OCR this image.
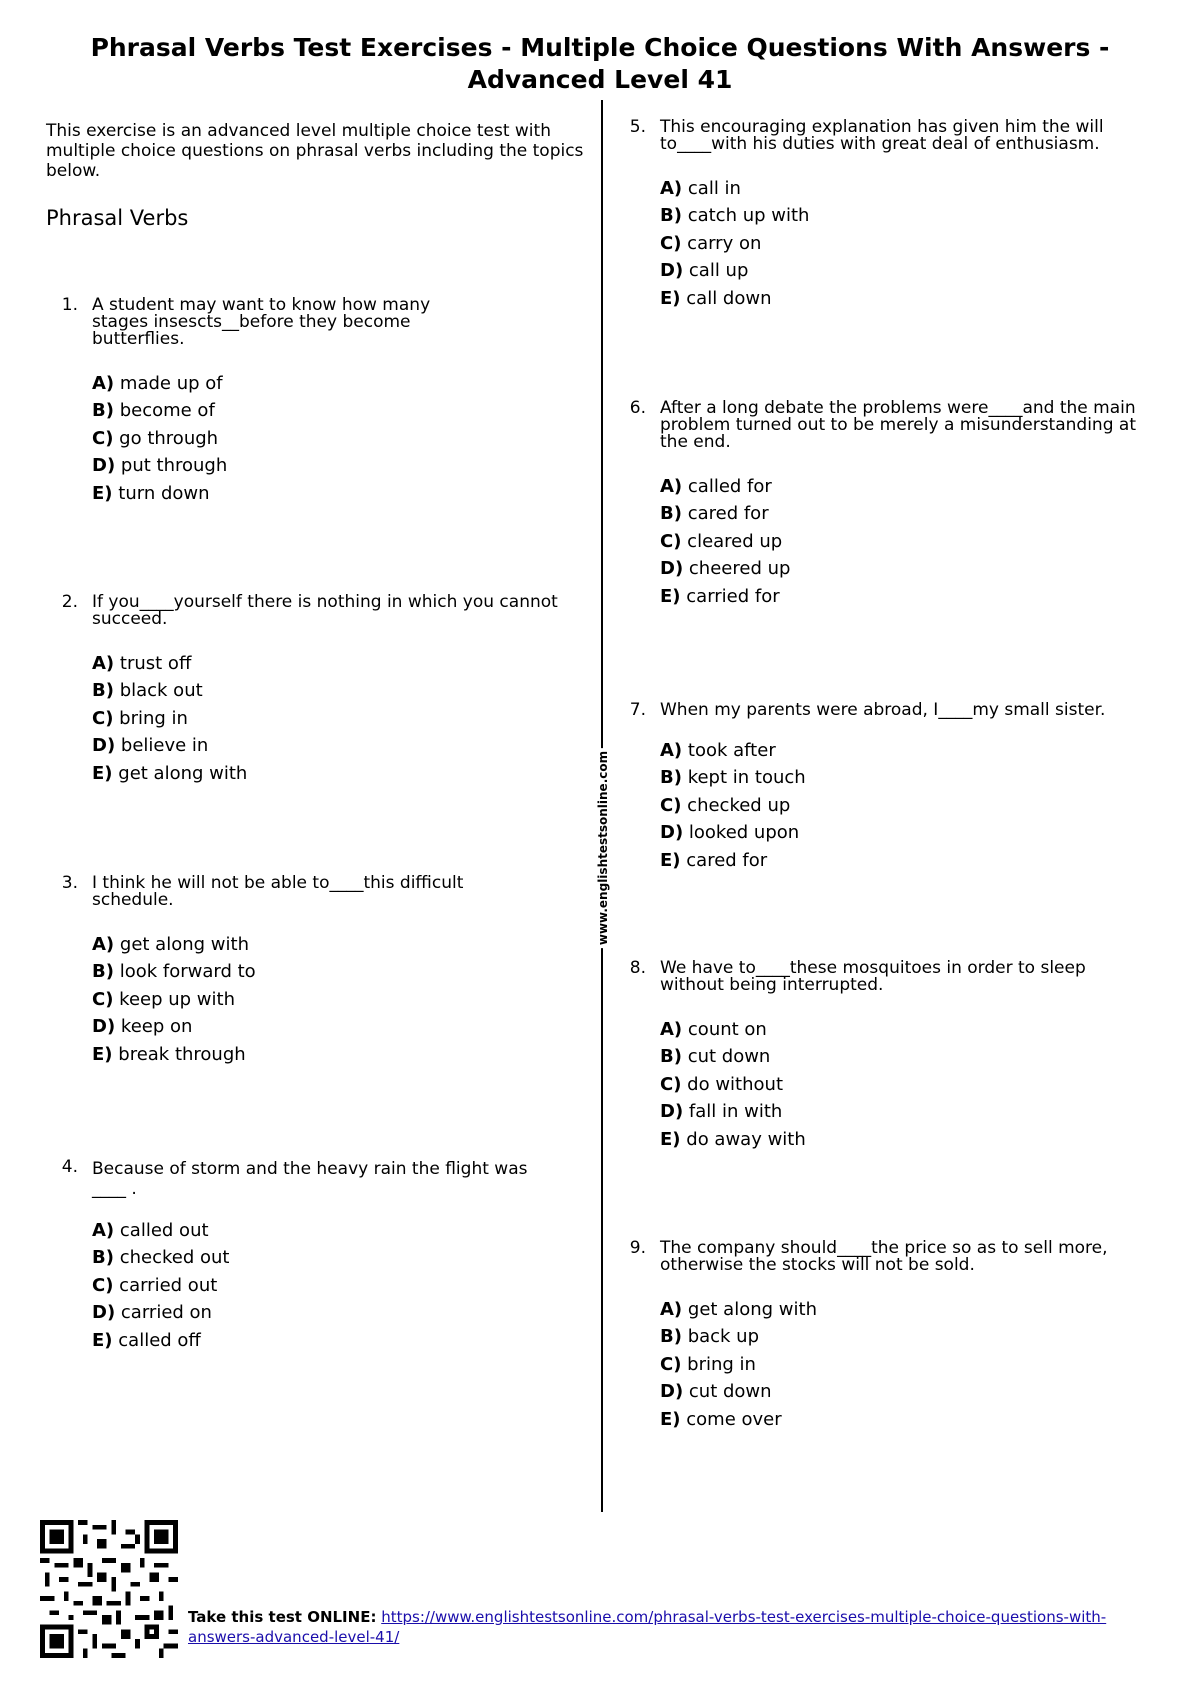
Phrasal Verbs Test Exercises - Multiple Choice Questions With Answers - Advanced Level 41
www.englishtestsonline.com
This exercise is an advanced level multiple choice test with multiple choice questions on phrasal verbs including the topics below.
Phrasal Verbs
1. A student may want to know how many stages insescts__before they become butterflies.
A) made up of
B) become of
C) go through
D) put through
E) turn down
2. If you____yourself there is nothing in which you cannot succeed.
A) trust off
B) black out
C) bring in
D) believe in
E) get along with
3. I think he will not be able to____this difficult schedule.
A) get along with
B) look forward to
C) keep up with
D) keep on
E) break through
4. Because of storm and the heavy rain the flight was ____ .
A) called out
B) checked out
C) carried out
D) carried on
E) called off
5. This encouraging explanation has given him the will to____with his duties with great deal of enthusiasm.
A) call in
B) catch up with
C) carry on
D) call up
E) call down
6. After a long debate the problems were____and the main problem turned out to be merely a misunderstanding at the end.
A) called for
B) cared for
C) cleared up
D) cheered up
E) carried for
7. When my parents were abroad, I____my small sister.
A) took after
B) kept in touch
C) checked up
D) looked upon
E) cared for
8. We have to____these mosquitoes in order to sleep without being interrupted.
A) count on
B) cut down
C) do without
D) fall in with
E) do away with
9. The company should____the price so as to sell more, otherwise the stocks will not be sold.
A) get along with
B) back up
C) bring in
D) cut down
E) come over
Take this test ONLINE: https://www.englishtestsonline.com/phrasal-verbs-test-exercises-multiple-choice-questions-with-answers-advanced-level-41/
